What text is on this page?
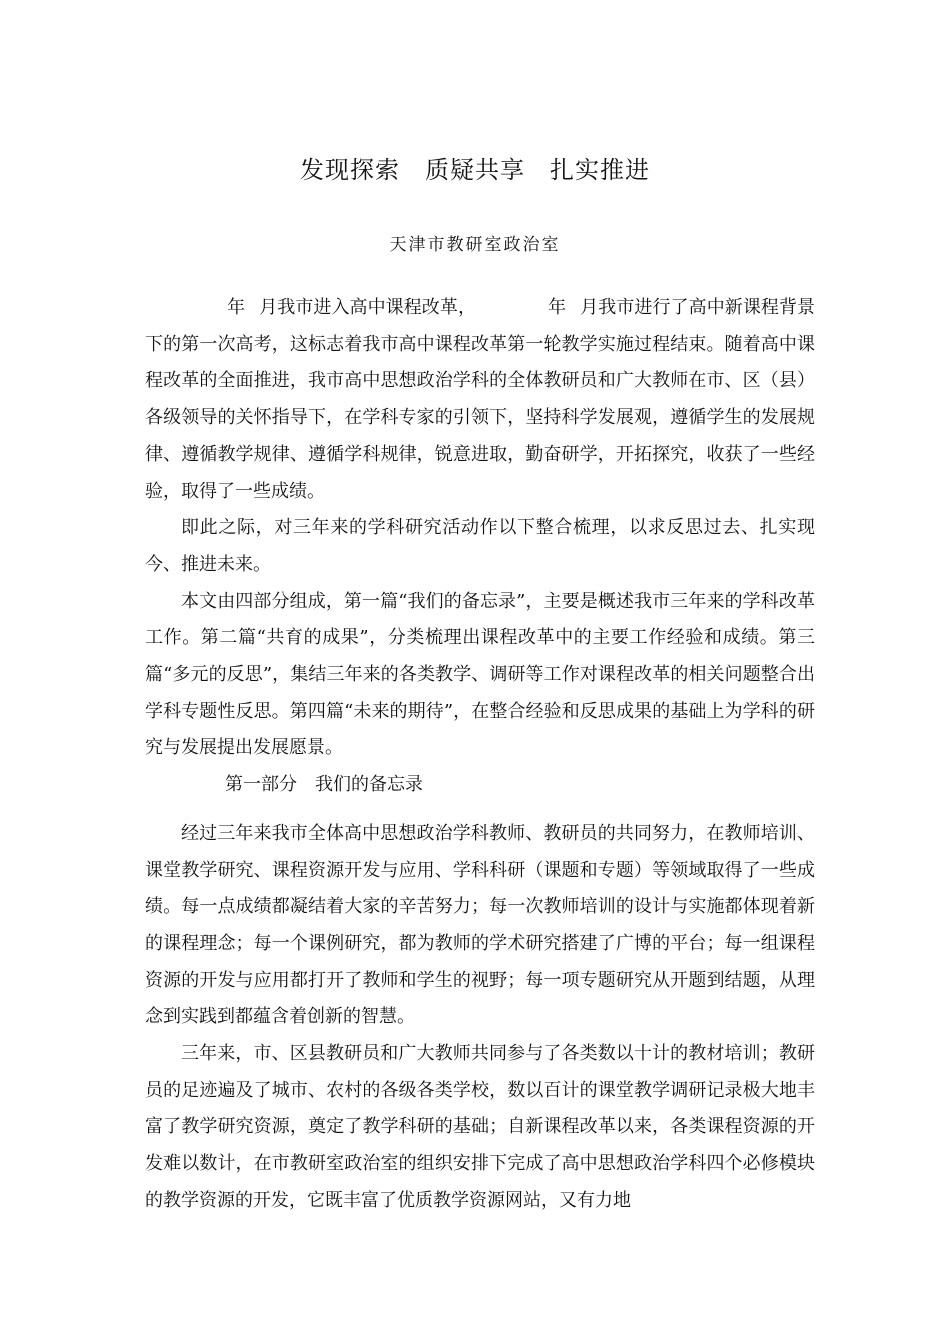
发现探索　质疑共享　扎实推进
天津市教研室政治室

年 月我市进入高中课程改革，	年 月我市进行了高中新课程背景下的第一次高考，这标志着我市高中课程改革第一轮教学实施过程结束。随着高中课程改革的全面推进，我市高中思想政治学科的全体教研员和广大教师在市、区（县）各级领导的关怀指导下，在学科专家的引领下，坚持科学发展观，遵循学生的发展规律、遵循教学规律、遵循学科规律，锐意进取，勤奋研学，开拓探究，收获了一些经验，取得了一些成绩。

即此之际，对三年来的学科研究活动作以下整合梳理，以求反思过去、扎实现今、推进未来。

本文由四部分组成，第一篇“我们的备忘录”，主要是概述我市三年来的学科改革工作。第二篇“共育的成果”，分类梳理出课程改革中的主要工作经验和成绩。第三篇“多元的反思”，集结三年来的各类教学、调研等工作对课程改革的相关问题整合出学科专题性反思。第四篇“未来的期待”，在整合经验和反思成果的基础上为学科的研究与发展提出发展愿景。

第一部分　我们的备忘录

经过三年来我市全体高中思想政治学科教师、教研员的共同努力，在教师培训、课堂教学研究、课程资源开发与应用、学科科研（课题和专题）等领域取得了一些成绩。每一点成绩都凝结着大家的辛苦努力；每一次教师培训的设计与实施都体现着新的课程理念；每一个课例研究，都为教师的学术研究搭建了广博的平台；每一组课程资源的开发与应用都打开了教师和学生的视野；每一项专题研究从开题到结题，从理念到实践到都蕴含着创新的智慧。

三年来，市、区县教研员和广大教师共同参与了各类数以十计的教材培训；教研员的足迹遍及了城市、农村的各级各类学校，数以百计的课堂教学调研记录极大地丰富了教学研究资源，奠定了教学科研的基础；自新课程改革以来，各类课程资源的开发难以数计，在市教研室政治室的组织安排下完成了高中思想政治学科四个必修模块的教学资源的开发，它既丰富了优质教学资源网站，又有力地
